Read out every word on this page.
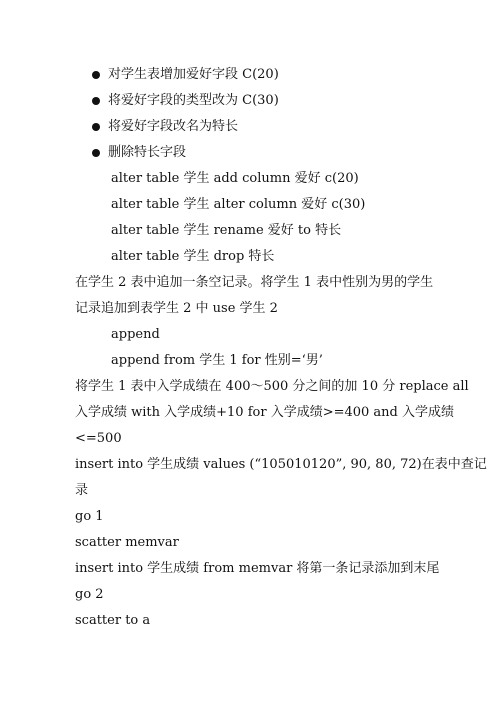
对学生表增加爱好字段 C(20)
将爱好字段的类型改为 C(30)
将爱好字段改名为特长
删除特长字段
alter table 学生 add column 爱好 c(20)
alter table 学生 alter column 爱好 c(30)
alter table 学生 rename 爱好 to 特长
alter table 学生 drop 特长
在学生 2 表中追加一条空记录。将学生 1 表中性别为男的学生
记录追加到表学生 2 中 use 学生 2
append
append from 学生 1 for 性别=‘男’
将学生 1 表中入学成绩在 400～500 分之间的加 10 分 replace all
入学成绩 with 入学成绩+10 for 入学成绩>=400 and 入学成绩
<=500
insert into 学生成绩 values (“105010120”, 90, 80, 72)在表中查记
录
go 1
scatter memvar
insert into 学生成绩 from memvar 将第一条记录添加到末尾
go 2
scatter to a
